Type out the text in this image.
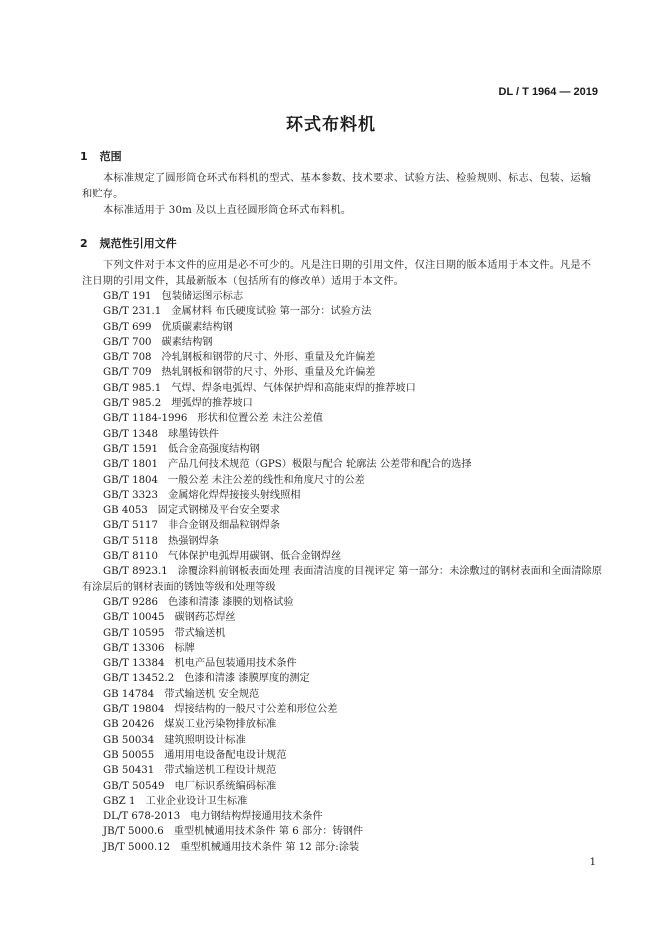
DL / T 1964 — 2019
环式布料机
1 范围

本标准规定了圆形筒仓环式布料机的型式、基本参数、技术要求、试验方法、检验规则、标志、包装、运输和贮存。

本标准适用于 30m 及以上直径圆形筒仓环式布料机。

2 规范性引用文件

下列文件对于本文件的应用是必不可少的。凡是注日期的引用文件，仅注日期的版本适用于本文件。凡是不注日期的引用文件，其最新版本（包括所有的修改单）适用于本文件。

GB/T 191 包装储运图示标志
GB/T 231.1 金属材料 布氏硬度试验 第一部分：试验方法
GB/T 699 优质碳素结构钢
GB/T 700 碳素结构钢
GB/T 708 冷轧钢板和钢带的尺寸、外形、重量及允许偏差
GB/T 709 热轧钢板和钢带的尺寸、外形、重量及允许偏差
GB/T 985.1 气焊、焊条电弧焊、气体保护焊和高能束焊的推荐坡口
GB/T 985.2 埋弧焊的推荐坡口
GB/T 1184-1996 形状和位置公差 未注公差值
GB/T 1348 球墨铸铁件
GB/T 1591 低合金高强度结构钢
GB/T 1801 产品几何技术规范（GPS）极限与配合 轮廓法 公差带和配合的选择
GB/T 1804 一般公差 未注公差的线性和角度尺寸的公差
GB/T 3323 金属熔化焊焊接接头射线照相
GB 4053 固定式钢梯及平台安全要求
GB/T 5117 非合金钢及细晶粒钢焊条
GB/T 5118 热强钢焊条
GB/T 8110 气体保护电弧焊用碳钢、低合金钢焊丝
GB/T 8923.1 涂覆涂料前钢板表面处理 表面清洁度的目视评定 第一部分：未涂敷过的钢材表面和全面清除原有涂层后的钢材表面的锈蚀等级和处理等级
GB/T 9286 色漆和清漆 漆膜的划格试验
GB/T 10045 碳钢药芯焊丝
GB/T 10595 带式输送机
GB/T 13306 标牌
GB/T 13384 机电产品包装通用技术条件
GB/T 13452.2 色漆和清漆 漆膜厚度的测定
GB 14784 带式输送机 安全规范
GB/T 19804 焊接结构的一般尺寸公差和形位公差
GB 20426 煤炭工业污染物排放标准
GB 50034 建筑照明设计标准
GB 50055 通用用电设备配电设计规范
GB 50431 带式输送机工程设计规范
GB/T 50549 电厂标识系统编码标准
GBZ 1 工业企业设计卫生标准
DL/T 678-2013 电力钢结构焊接通用技术条件
JB/T 5000.6 重型机械通用技术条件 第 6 部分：铸钢件
JB/T 5000.12 重型机械通用技术条件 第 12 部分:涂装
1
